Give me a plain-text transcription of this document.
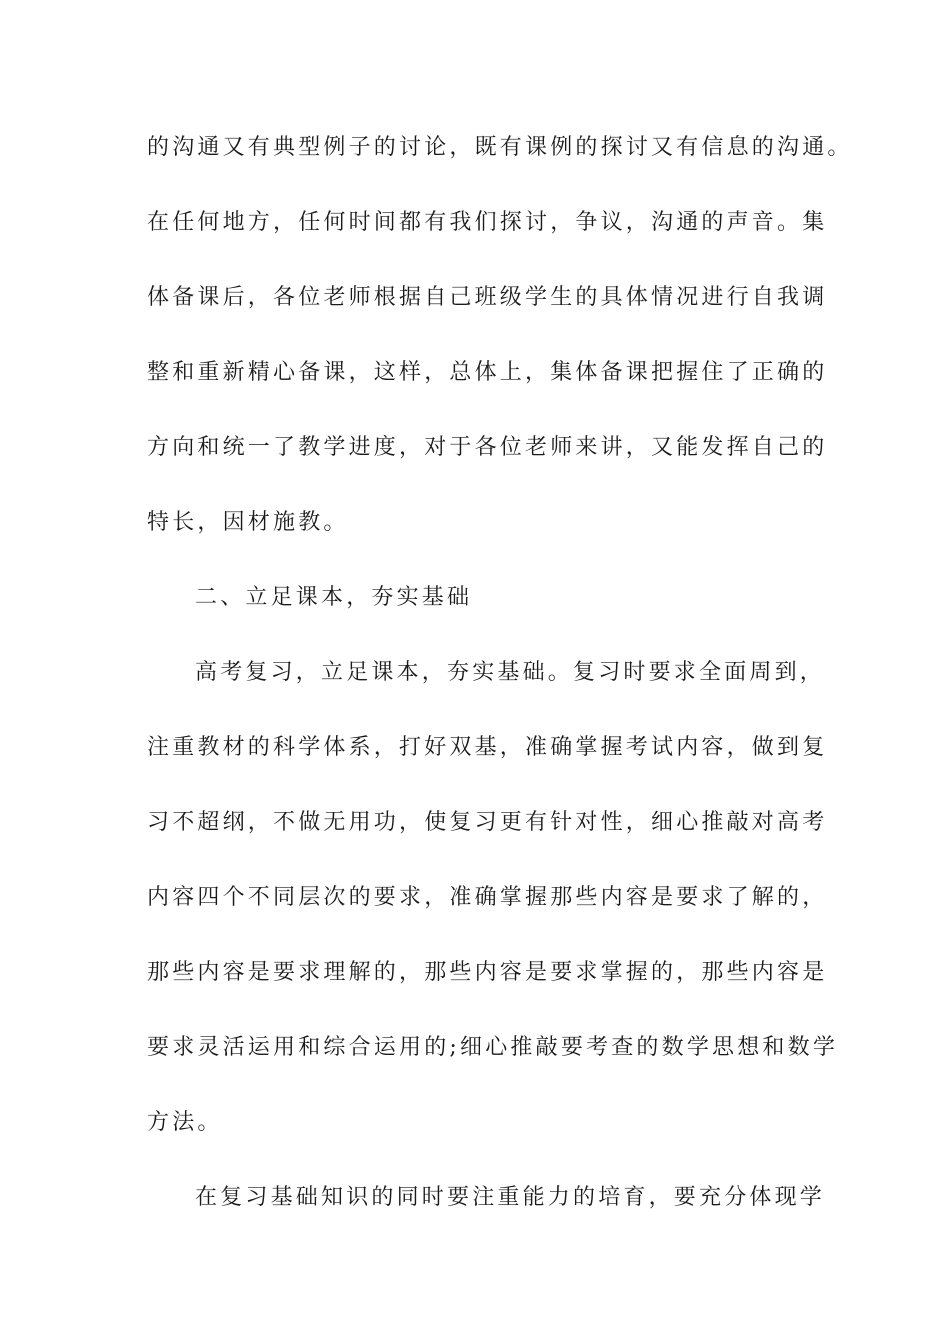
的沟通又有典型例子的讨论，既有课例的探讨又有信息的沟通。
在任何地方，任何时间都有我们探讨，争议，沟通的声音。集
体备课后，各位老师根据自己班级学生的具体情况进行自我调
整和重新精心备课，这样，总体上，集体备课把握住了正确的
方向和统一了教学进度，对于各位老师来讲，又能发挥自己的
特长，因材施教。
二、立足课本，夯实基础
高考复习，立足课本，夯实基础。复习时要求全面周到，
注重教材的科学体系，打好双基，准确掌握考试内容，做到复
习不超纲，不做无用功，使复习更有针对性，细心推敲对高考
内容四个不同层次的要求，准确掌握那些内容是要求了解的，
那些内容是要求理解的，那些内容是要求掌握的，那些内容是
要求灵活运用和综合运用的;细心推敲要考查的数学思想和数学
方法。
在复习基础知识的同时要注重能力的培育，要充分体现学
